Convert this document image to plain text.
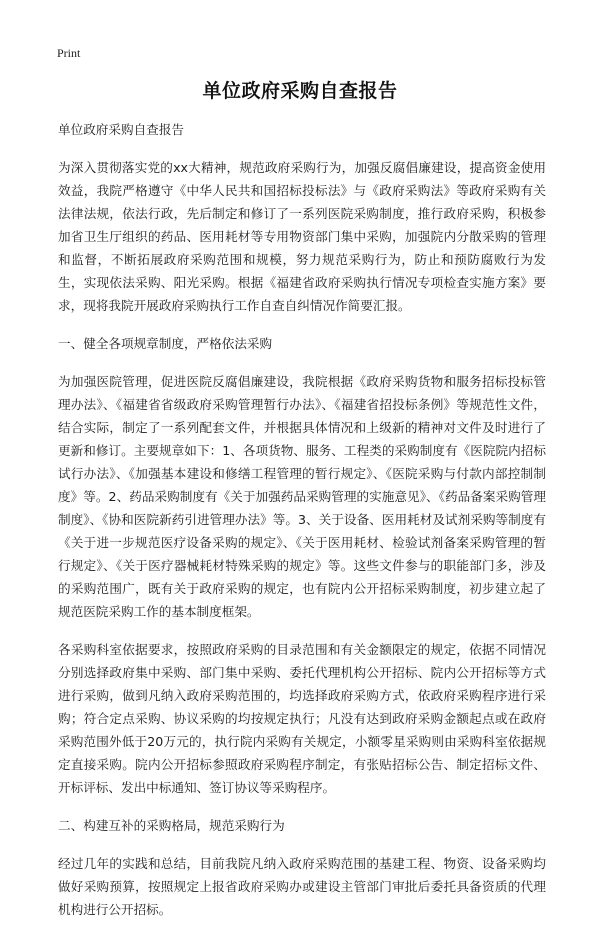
Print
单位政府采购自查报告

单位政府采购自查报告

为深入贯彻落实党的xx大精神，规范政府采购行为，加强反腐倡廉建设，提高资金使用效益，我院严格遵守《中华人民共和国招标投标法》与《政府采购法》等政府采购有关法律法规，依法行政，先后制定和修订了一系列医院采购制度，推行政府采购，积极参加省卫生厅组织的药品、医用耗材等专用物资部门集中采购，加强院内分散采购的管理和监督，不断拓展政府采购范围和规模，努力规范采购行为，防止和预防腐败行为发生，实现依法采购、阳光采购。根据《福建省政府采购执行情况专项检查实施方案》要求，现将我院开展政府采购执行工作自查自纠情况作简要汇报。

一、健全各项规章制度，严格依法采购

为加强医院管理，促进医院反腐倡廉建设，我院根据《政府采购货物和服务招标投标管理办法》、《福建省省级政府采购管理暂行办法》、《福建省招投标条例》等规范性文件，结合实际，制定了一系列配套文件，并根据具体情况和上级新的精神对文件及时进行了更新和修订。主要规章如下：1、各项货物、服务、工程类的采购制度有《医院院内招标试行办法》、《加强基本建设和修缮工程管理的暂行规定》、《医院采购与付款内部控制制度》等。2、药品采购制度有《关于加强药品采购管理的实施意见》、《药品备案采购管理制度》、《协和医院新药引进管理办法》等。3、关于设备、医用耗材及试剂采购等制度有《关于进一步规范医疗设备采购的规定》、《关于医用耗材、检验试剂备案采购管理的暂行规定》、《关于医疗器械耗材特殊采购的规定》等。这些文件参与的职能部门多，涉及的采购范围广，既有关于政府采购的规定，也有院内公开招标采购制度，初步建立起了规范医院采购工作的基本制度框架。

各采购科室依据要求，按照政府采购的目录范围和有关金额限定的规定，依据不同情况分别选择政府集中采购、部门集中采购、委托代理机构公开招标、院内公开招标等方式进行采购，做到凡纳入政府采购范围的，均选择政府采购方式，依政府采购程序进行采购；符合定点采购、协议采购的均按规定执行；凡没有达到政府采购金额起点或在政府采购范围外低于20万元的，执行院内采购有关规定，小额零星采购则由采购科室依据规定直接采购。院内公开招标参照政府采购程序制定，有张贴招标公告、制定招标文件、开标评标、发出中标通知、签订协议等采购程序。

二、构建互补的采购格局，规范采购行为

经过几年的实践和总结，目前我院凡纳入政府采购范围的基建工程、物资、设备采购均做好采购预算，按照规定上报省政府采购办或建设主管部门审批后委托具备资质的代理机构进行公开招标。
